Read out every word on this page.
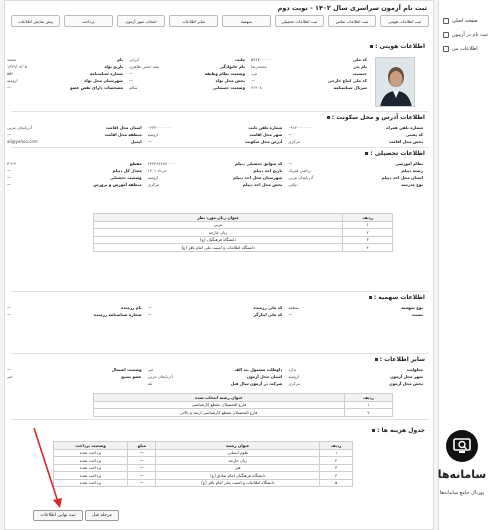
صفحه اصلی
ثبت نام در آزمون
اطلاعات من
ثبت نام آزمون سراسری سال ۱۴۰۲ - نوبت دوم
ثبت اطلاعات هویتی
ثبت اطلاعات تماس
ثبت اطلاعات تحصیلی
سهمیه
سایر اطلاعات
انتخاب شهر آزمون
پرداخت
پیش نمایش اطلاعات
اطلاعات هویتی :
کد ملی
۵۹۶۷۰۰۰۰۰۰
ملیت
ایرانی
نام
محمد
نام پدر
محمدرضا
نام خانوادگی
سید حسن طاهری
تاریخ تولد
۱۳۷۹/۰۸/۰۵
جنسیت
مرد
وضعیت نظام وظیفه
—
شماره شناسنامه
۵۵۲
کد ملی اتباع خارجی
—
بخش محل تولد
—
شهرستان محل تولد
ارومیه
سریال شناسنامه
۴۶۳۰۸
وضعیت جسمانی
سالم
مشخصات دارای نقص عضو
—
اطلاعات آدرس و محل سکونت :
شماره تلفن همراه
۰۹۱۴۰۰۰۰۰۰۰
شماره تلفن ثابت
۰۴۴۳۰۰۰۰۰۰۰
استان محل اقامت
آذربایجان غربی
کد پستی
—
شهر محل اقامت
ارومیه
منطقه محل اقامت
—
بخش محل اقامت
مرکزی
آدرس محل سکونت
—
ایمیل
ali@yahoo.com
اطلاعات تحصیلی :
نظام آموزشی
—
کد سوابق تحصیلی دیپلم
۴۲۳۴۶۸۷۸۷۰۰۰۰
مقطع
۳-۶-۳
رشته دیپلم
ریاضی فیزیک
تاریخ اخذ دیپلم
خرداد ۱۴۰۱
معدل کل دیپلم
—
استان محل اخذ دیپلم
آذربایجان غربی
شهرستان محل اخذ دیپلم
ارومیه
وضعیت تحصیلی
—
نوع مدرسه
دولتی
بخش محل اخذ دیپلم
مرکزی
منطقه آموزش و پرورش
—
ردیف	عنوان زبان مورد نظر
۱	عربی
۲	زبان خارجه
۳	دانشگاه فرهنگیان (ع)
۴	دانشگاه اطلاعات و امنیت ملی امام باقر (ع)
اطلاعات سهمیه :
نوع سهمیه
منطقه
کد ملی رزمنده
—
نام رزمنده
—
نسبت
—
کد ملی ایثارگر
—
شماره شناسنامه رزمنده
—
سایر اطلاعات :
معلولیت
ندارد
داوطلب مشمول بند الف
خیر
وضعیت اشتغال
—
شهر محل آزمون
ارومیه
استان محل آزمون
آذربایجان غربی
عضو بسیج
خیر
بخش محل آزمون
مرکزی
شرکت در آزمون سال قبل
بله
ردیف	عنوان رشته انتخاب شده
۱	فارغ التحصیلان مقطع کارشناسی
۲	فارغ التحصیلان مقطع کارشناسی ارشد و بالاتر
جدول هزینه ها :
ردیف	عنوان رشته	مبلغ	وضعیت پرداخت
۱	علوم انسانی	—	پرداخت شده
۲	زبان خارجه	—	پرداخت شده
۳	هنر	—	پرداخت شده
۴	دانشگاه فرهنگیان امام صادق (ع)	—	پرداخت شده
۵	دانشگاه اطلاعات و امنیت ملی امام باقر (ع)	—	پرداخت شده
مرحله قبل
ثبت نهایی اطلاعات
سامانه‌ها
پورتال جامع سامانه‌ها
